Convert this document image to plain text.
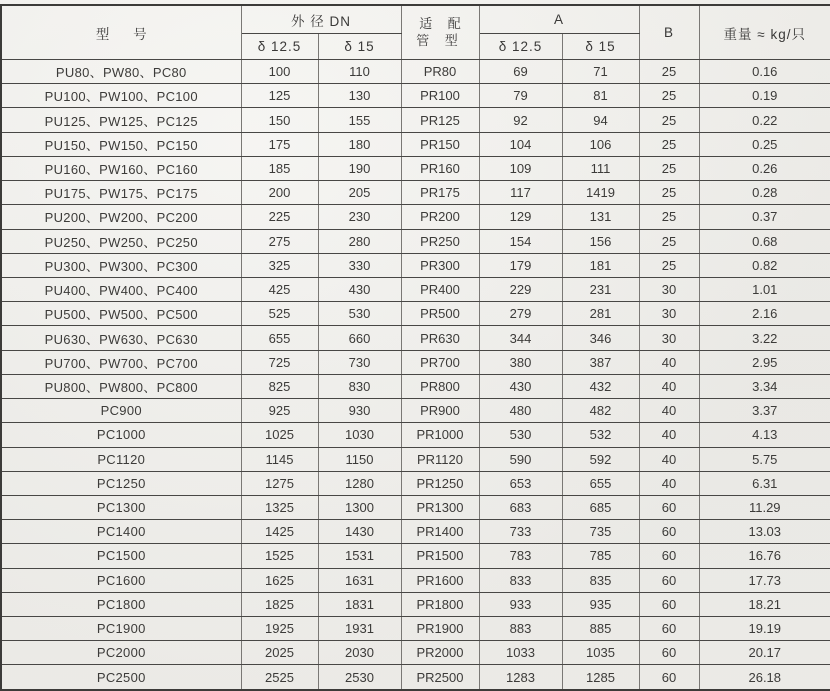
型 号	外 径 DN		适 配
管 型	A		B	重量 ≈ kg/只
	δ 12.5	δ 15		δ 12.5	δ 15		
PU80、PW80、PC80	100	110	PR80	69	71	25	0.16
PU100、PW100、PC100	125	130	PR100	79	81	25	0.19
PU125、PW125、PC125	150	155	PR125	92	94	25	0.22
PU150、PW150、PC150	175	180	PR150	104	106	25	0.25
PU160、PW160、PC160	185	190	PR160	109	111	25	0.26
PU175、PW175、PC175	200	205	PR175	117	1419	25	0.28
PU200、PW200、PC200	225	230	PR200	129	131	25	0.37
PU250、PW250、PC250	275	280	PR250	154	156	25	0.68
PU300、PW300、PC300	325	330	PR300	179	181	25	0.82
PU400、PW400、PC400	425	430	PR400	229	231	30	1.01
PU500、PW500、PC500	525	530	PR500	279	281	30	2.16
PU630、PW630、PC630	655	660	PR630	344	346	30	3.22
PU700、PW700、PC700	725	730	PR700	380	387	40	2.95
PU800、PW800、PC800	825	830	PR800	430	432	40	3.34
PC900	925	930	PR900	480	482	40	3.37
PC1000	1025	1030	PR1000	530	532	40	4.13
PC1120	1145	1150	PR1120	590	592	40	5.75
PC1250	1275	1280	PR1250	653	655	40	6.31
PC1300	1325	1300	PR1300	683	685	60	11.29
PC1400	1425	1430	PR1400	733	735	60	13.03
PC1500	1525	1531	PR1500	783	785	60	16.76
PC1600	1625	1631	PR1600	833	835	60	17.73
PC1800	1825	1831	PR1800	933	935	60	18.21
PC1900	1925	1931	PR1900	883	885	60	19.19
PC2000	2025	2030	PR2000	1033	1035	60	20.17
PC2500	2525	2530	PR2500	1283	1285	60	26.18
